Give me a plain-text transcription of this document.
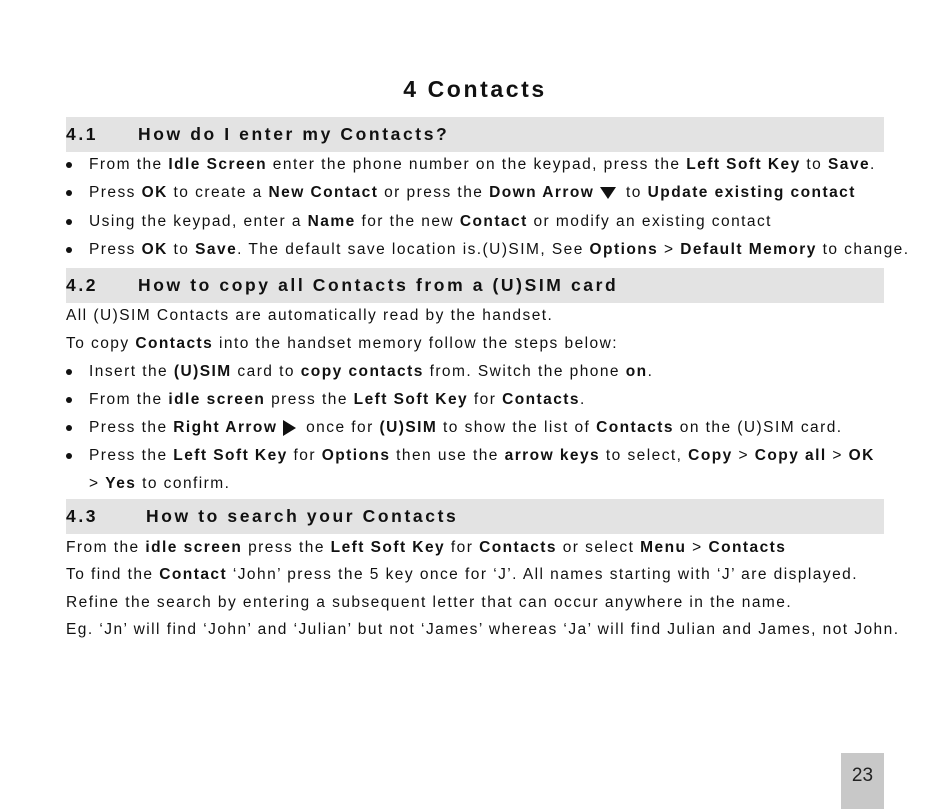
4 Contacts
4.1 How do I enter my Contacts?
From the Idle Screen enter the phone number on the keypad, press the Left Soft Key to Save.
Press OK to create a New Contact or press the Down Arrow to Update existing contact
Using the keypad, enter a Name for the new Contact or modify an existing contact
Press OK to Save. The default save location is.(U)SIM, See Options > Default Memory to change.
4.2 How to copy all Contacts from a (U)SIM card
All (U)SIM Contacts are automatically read by the handset.
To copy Contacts into the handset memory follow the steps below:
Insert the (U)SIM card to copy contacts from. Switch the phone on.
From the idle screen press the Left Soft Key for Contacts.
Press the Right Arrow once for (U)SIM to show the list of Contacts on the (U)SIM card.
Press the Left Soft Key for Options then use the arrow keys to select, Copy > Copy all > OK
> Yes to confirm.
4.3	How to search your Contacts
From the idle screen press the Left Soft Key for Contacts or select Menu > Contacts
To find the Contact ‘John’ press the 5 key once for ‘J’. All names starting with ‘J’ are displayed.
Refine the search by entering a subsequent letter that can occur anywhere in the name.
Eg. ‘Jn’ will find ‘John’ and ‘Julian’ but not ‘James’ whereas ‘Ja’ will find Julian and James, not John.
23
